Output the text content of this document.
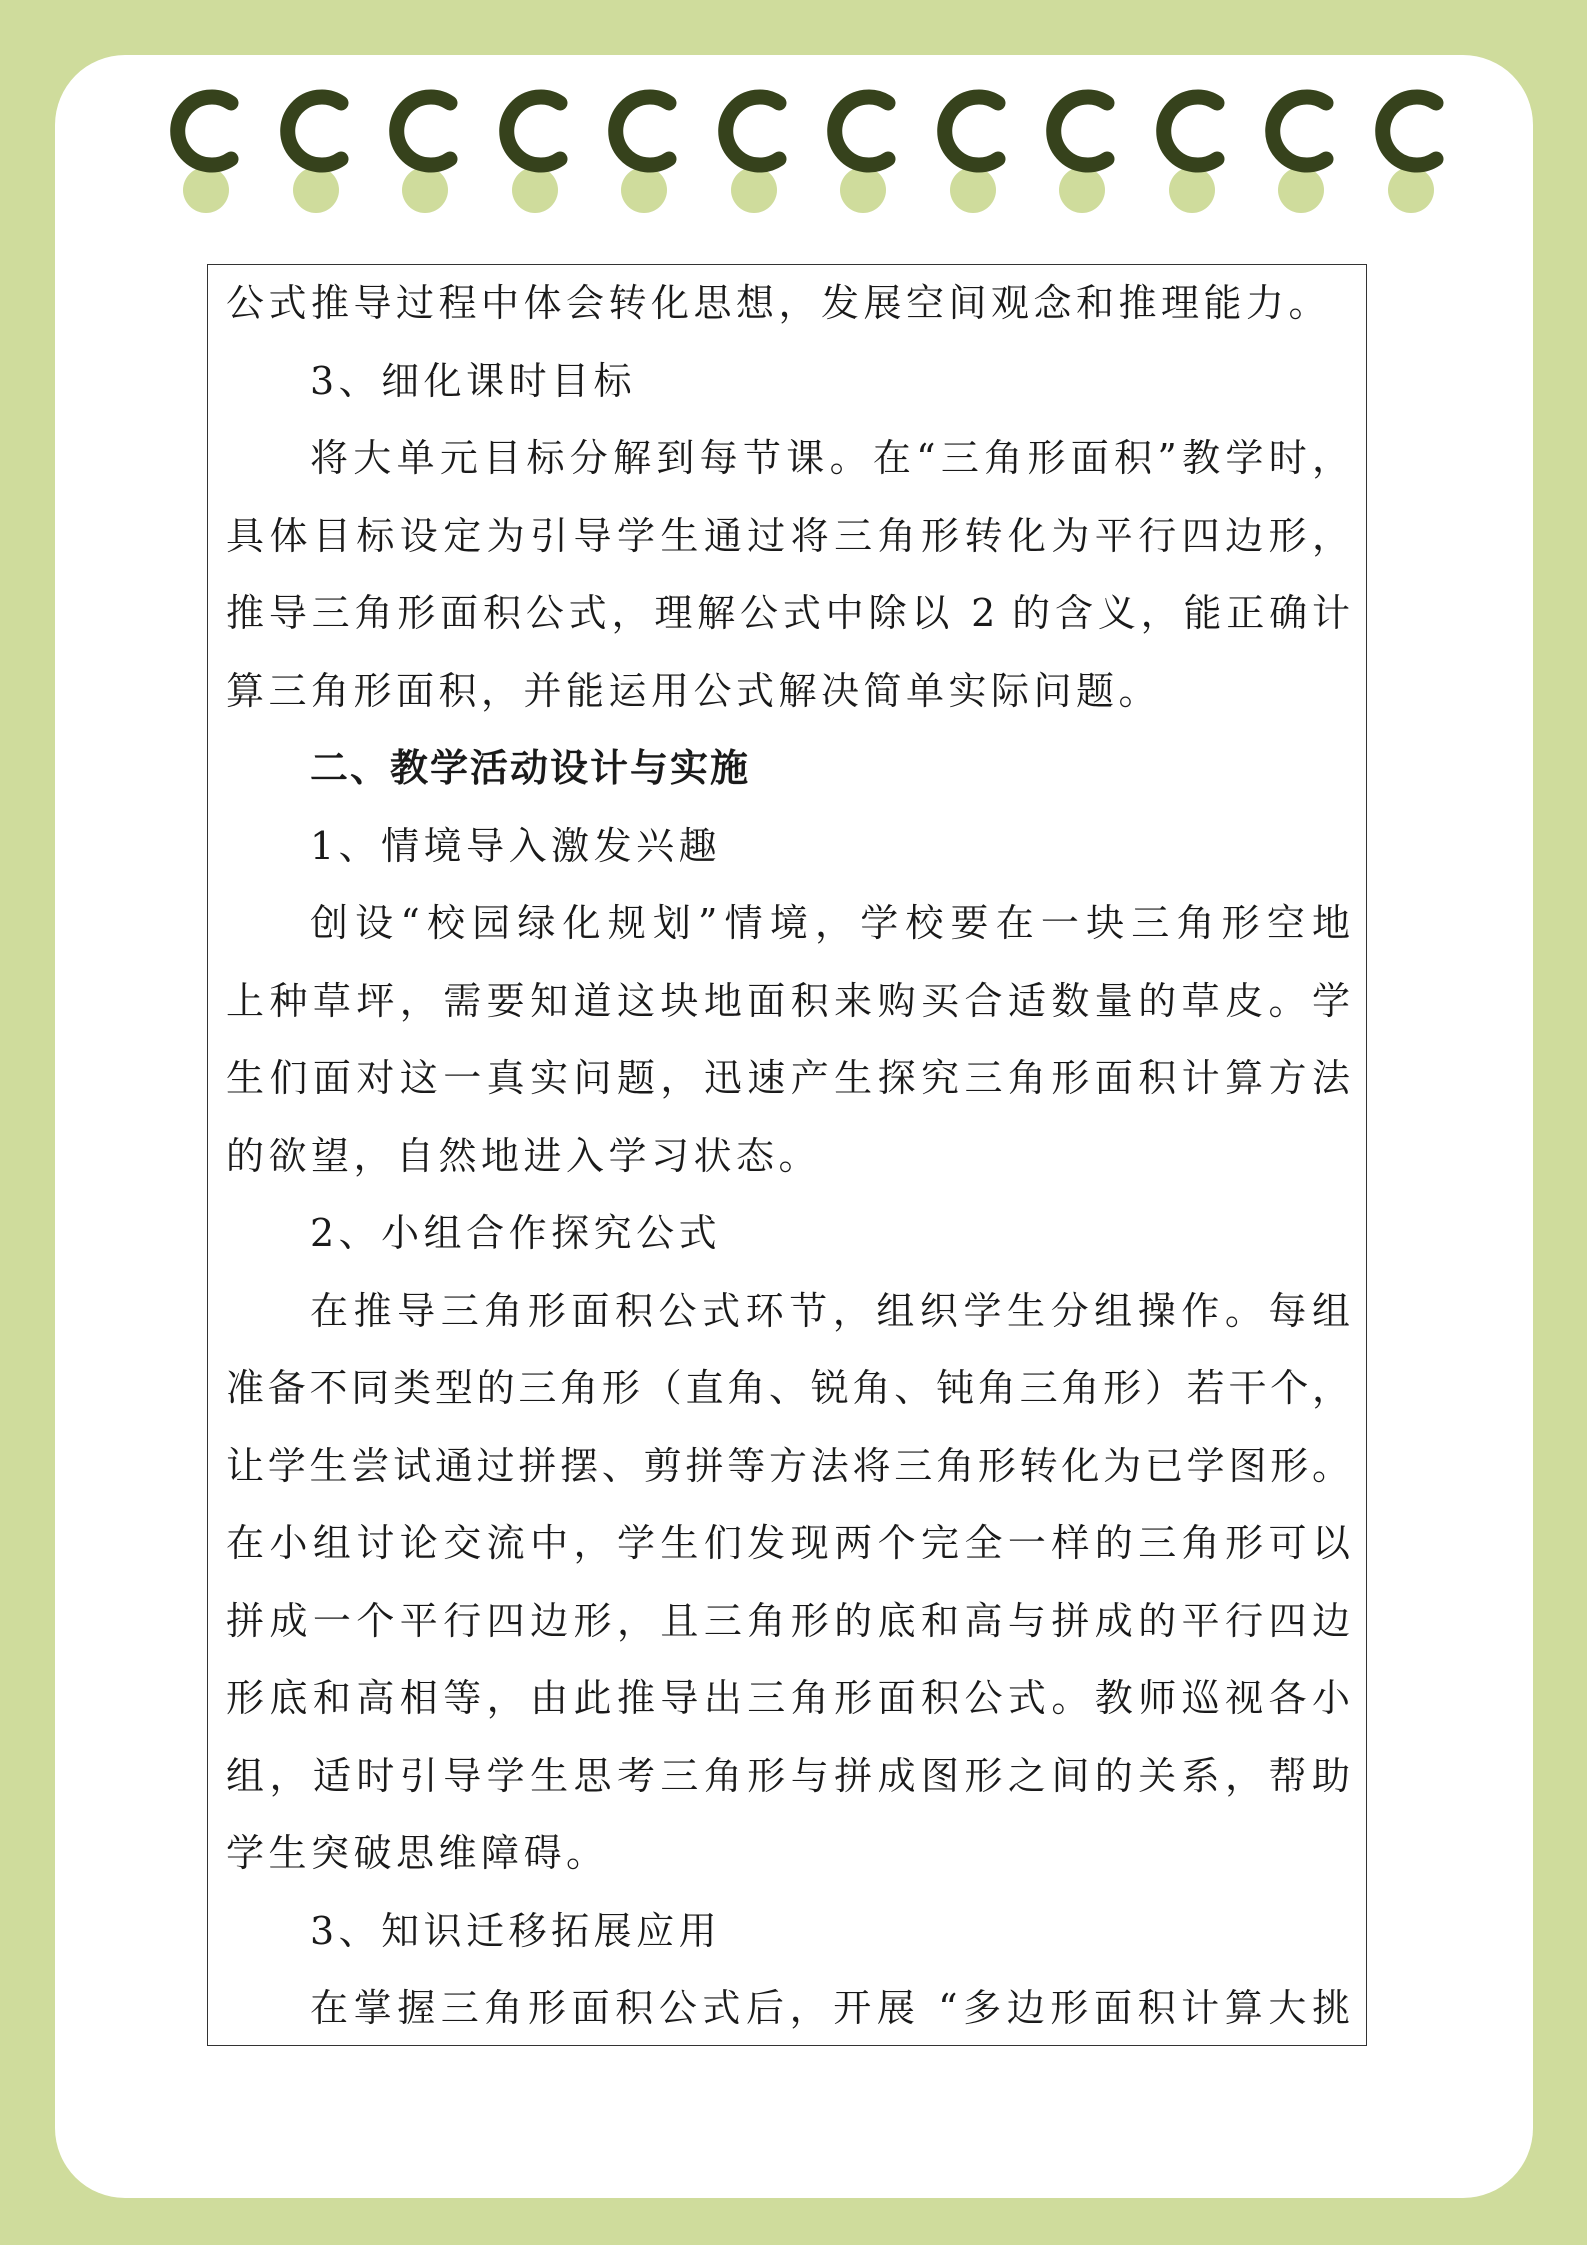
公式推导过程中体会转化思想，发展空间观念和推理能力。

3、细化课时目标

将大单元目标分解到每节课。在“三角形面积”教学时，

具体目标设定为引导学生通过将三角形转化为平行四边形，

推导三角形面积公式，理解公式中除以 2 的含义，能正确计

算三角形面积，并能运用公式解决简单实际问题。

二、教学活动设计与实施

1、情境导入激发兴趣

创设“校园绿化规划”情境，学校要在一块三角形空地

上种草坪，需要知道这块地面积来购买合适数量的草皮。学

生们面对这一真实问题，迅速产生探究三角形面积计算方法

的欲望，自然地进入学习状态。

2、小组合作探究公式

在推导三角形面积公式环节，组织学生分组操作。每组

准备不同类型的三角形（直角、锐角、钝角三角形）若干个，

让学生尝试通过拼摆、剪拼等方法将三角形转化为已学图形。

在小组讨论交流中，学生们发现两个完全一样的三角形可以

拼成一个平行四边形，且三角形的底和高与拼成的平行四边

形底和高相等，由此推导出三角形面积公式。教师巡视各小

组，适时引导学生思考三角形与拼成图形之间的关系，帮助

学生突破思维障碍。

3、知识迁移拓展应用

在掌握三角形面积公式后，开展 “多边形面积计算大挑
